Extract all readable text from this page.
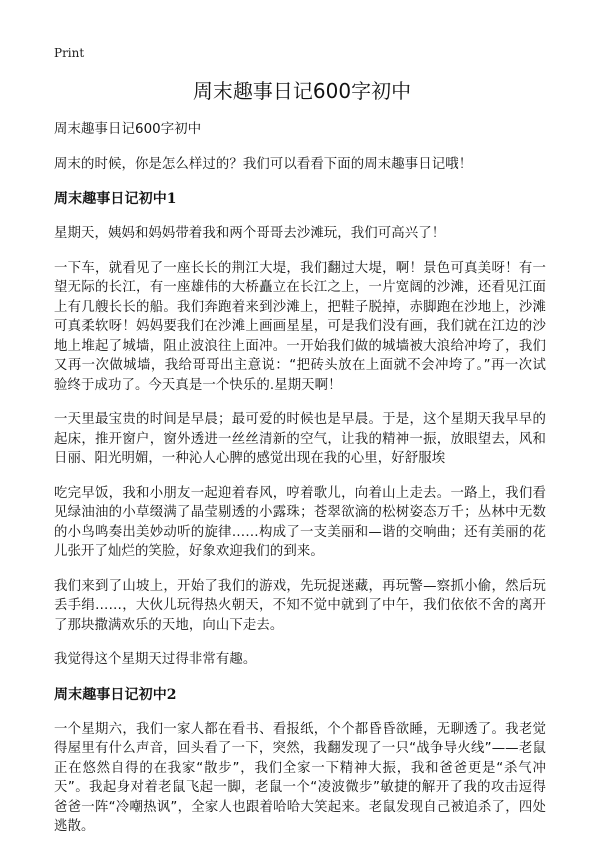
Print
周末趣事日记600字初中

周末趣事日记600字初中

周末的时候，你是怎么样过的？我们可以看看下面的周末趣事日记哦！

周末趣事日记初中1

星期天，姨妈和妈妈带着我和两个哥哥去沙滩玩，我们可高兴了！

一下车，就看见了一座长长的荆江大堤，我们翻过大堤，啊！景色可真美呀！有一望无际的长江，有一座雄伟的大桥矗立在长江之上，一片宽阔的沙滩，还看见江面上有几艘长长的船。我们奔跑着来到沙滩上，把鞋子脱掉，赤脚跑在沙地上，沙滩可真柔软呀！妈妈要我们在沙滩上画画星星，可是我们没有画，我们就在江边的沙地上堆起了城墙，阻止波浪往上面冲。一开始我们做的城墙被大浪给冲垮了，我们又再一次做城墙，我给哥哥出主意说：“把砖头放在上面就不会冲垮了。”再一次试验终于成功了。今天真是一个快乐的.星期天啊！

一天里最宝贵的时间是早晨；最可爱的时候也是早晨。于是，这个星期天我早早的起床，推开窗户，窗外透进一丝丝清新的空气，让我的精神一振，放眼望去，风和日丽、阳光明媚，一种沁人心脾的感觉出现在我的心里，好舒服埃

吃完早饭，我和小朋友一起迎着春风，哼着歌儿，向着山上走去。一路上，我们看见绿油油的小草缀满了晶莹剔透的小露珠；苍翠欲滴的松树姿态万千；丛林中无数的小鸟鸣奏出美妙动听的旋律……构成了一支美丽和—谐的交响曲；还有美丽的花儿张开了灿烂的笑脸，好象欢迎我们的到来。

我们来到了山坡上，开始了我们的游戏，先玩捉迷藏，再玩警—察抓小偷，然后玩丢手绢……，大伙儿玩得热火朝天，不知不觉中就到了中午，我们依依不舍的离开了那块撒满欢乐的天地，向山下走去。

我觉得这个星期天过得非常有趣。

周末趣事日记初中2

一个星期六，我们一家人都在看书、看报纸，个个都昏昏欲睡，无聊透了。我老觉得屋里有什么声音，回头看了一下，突然，我翻发现了一只“战争导火线”——老鼠正在悠然自得的在我家“散步”，我们全家一下精神大振，我和爸爸更是“杀气冲天”。我起身对着老鼠飞起一脚，老鼠一个“凌波微步”敏捷的解开了我的攻击逗得爸爸一阵“冷嘲热讽”，全家人也跟着哈哈大笑起来。老鼠发现自己被追杀了，四处逃散。
